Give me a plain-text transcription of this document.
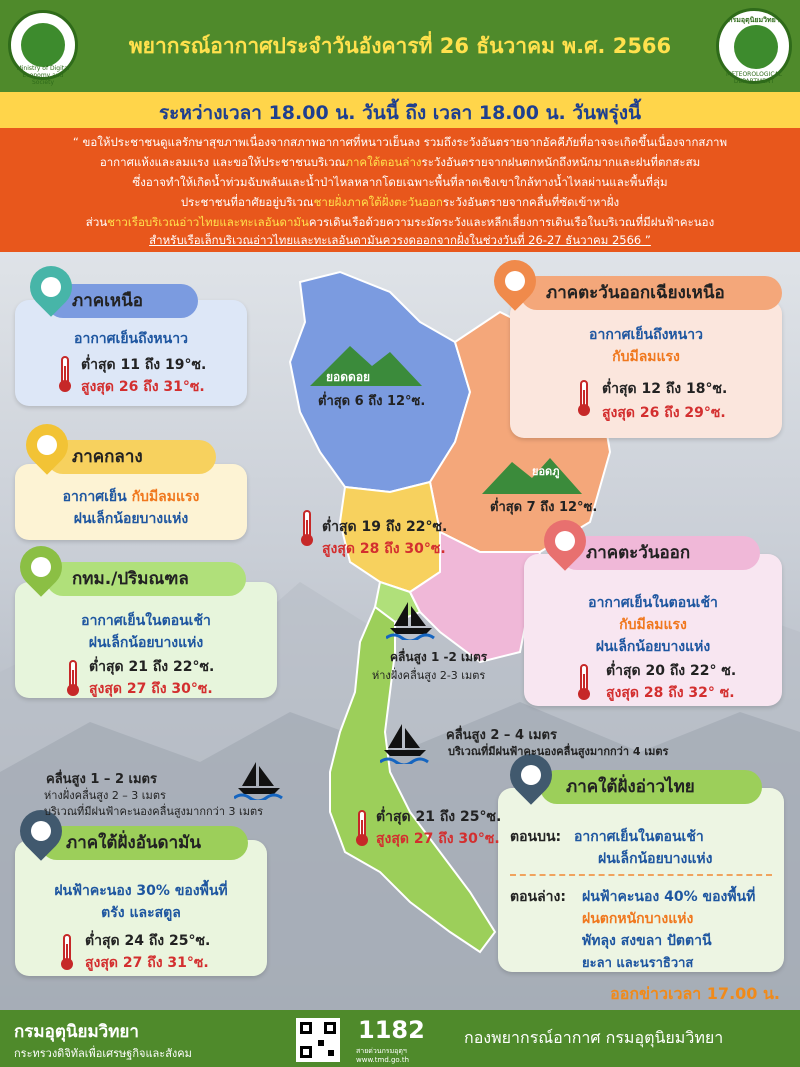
Ministry of Digital Economy and Society
พยากรณ์อากาศประจำวันอังคารที่ 26 ธันวาคม พ.ศ. 2566
กรมอุตุนิยมวิทยา
METEOROLOGICAL DEPARTMENT
ระหว่างเวลา 18.00 น. วันนี้ ถึง เวลา 18.00 น. วันพรุ่งนี้
“ ขอให้ประชาชนดูแลรักษาสุขภาพเนื่องจากสภาพอากาศที่หนาวเย็นลง รวมถึงระวังอันตรายจากอัคคีภัยที่อาจจะเกิดขึ้นเนื่องจากสภาพ
อากาศแห้งและลมแรง และขอให้ประชาชนบริเวณภาคใต้ตอนล่างระวังอันตรายจากฝนตกหนักถึงหนักมากและฝนที่ตกสะสม
ซึ่งอาจทำให้เกิดน้ำท่วมฉับพลันและน้ำป่าไหลหลากโดยเฉพาะพื้นที่ลาดเชิงเขาใกล้ทางน้ำไหลผ่านและพื้นที่ลุ่ม
ประชาชนที่อาศัยอยู่บริเวณชายฝั่งภาคใต้ฝั่งตะวันออกระวังอันตรายจากคลื่นที่ซัดเข้าหาฝั่ง
ส่วนชาวเรือบริเวณอ่าวไทยและทะเลอันดามันควรเดินเรือด้วยความระมัดระวังและหลีกเลี่ยงการเดินเรือในบริเวณที่มีฝนฟ้าคะนอง
สำหรับเรือเล็กบริเวณอ่าวไทยและทะเลอันดามันควรงดออกจากฝั่งในช่วงวันที่ 26-27 ธันวาคม 2566 ”
ยอดดอย
ต่ำสุด 6 ถึง 12°ซ.
ยอดภู
ต่ำสุด 7 ถึง 12°ซ.
อากาศเย็นถึงหนาว
ต่ำสุด 11 ถึง 19°ซ.
สูงสุด 26 ถึง 31°ซ.
ภาคเหนือ
อากาศเย็นถึงหนาว
กับมีลมแรง
ต่ำสุด 12 ถึง 18°ซ.
สูงสุด 26 ถึง 29°ซ.
ภาคตะวันออกเฉียงเหนือ
อากาศเย็น กับมีลมแรง
ฝนเล็กน้อยบางแห่ง
ภาคกลาง
ต่ำสุด 19 ถึง 22°ซ.
สูงสุด 28 ถึง 30°ซ.
อากาศเย็นในตอนเช้า
ฝนเล็กน้อยบางแห่ง
ต่ำสุด 21 ถึง 22°ซ.
สูงสุด 27 ถึง 30°ซ.
กทม./ปริมณฑล
อากาศเย็นในตอนเช้า
กับมีลมแรง
ฝนเล็กน้อยบางแห่ง
ต่ำสุด 20 ถึง 22° ซ.
สูงสุด 28 ถึง 32° ซ.
ภาคตะวันออก
ตอนบน: อากาศเย็นในตอนเช้า
ฝนเล็กน้อยบางแห่ง
ตอนล่าง: ฝนฟ้าคะนอง 40% ของพื้นที่
ฝนตกหนักบางแห่ง
พัทลุง สงขลา ปัตตานี
ยะลา และนราธิวาส
ภาคใต้ฝั่งอ่าวไทย
ต่ำสุด 21 ถึง 25°ซ.
สูงสุด 27 ถึง 30°ซ.
ฝนฟ้าคะนอง 30% ของพื้นที่
ตรัง และสตูล
ต่ำสุด 24 ถึง 25°ซ.
สูงสุด 27 ถึง 31°ซ.
ภาคใต้ฝั่งอันดามัน
คลื่นสูง 1 -2 เมตร
ห่างฝั่งคลื่นสูง 2-3 เมตร
คลื่นสูง 2 – 4 เมตร
บริเวณที่มีฝนฟ้าคะนองคลื่นสูงมากกว่า 4 เมตร
คลื่นสูง 1 – 2 เมตร
ห่างฝั่งคลื่นสูง 2 – 3 เมตร
บริเวณที่มีฝนฟ้าคะนองคลื่นสูงมากกว่า 3 เมตร
ออกข่าวเวลา 17.00 น.
กรมอุตุนิยมวิทยา
กระทรวงดิจิทัลเพื่อเศรษฐกิจและสังคม
1182
สายด่วนกรมอุตุฯ
www.tmd.go.th
กองพยากรณ์อากาศ กรมอุตุนิยมวิทยา
